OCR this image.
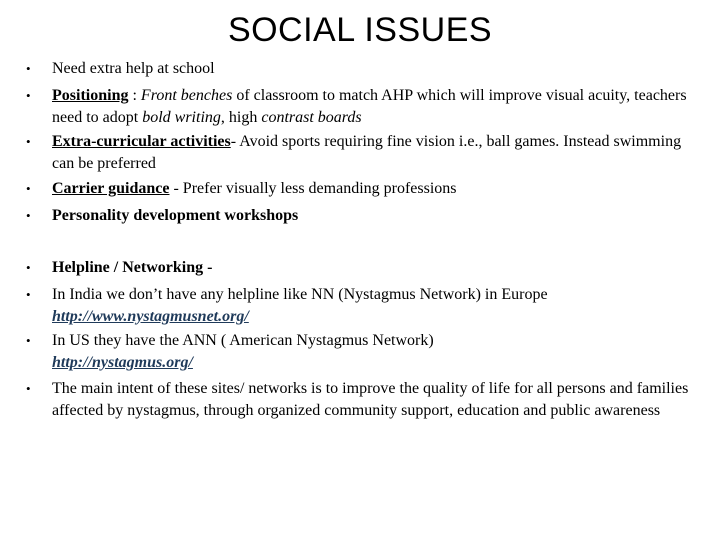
SOCIAL ISSUES
• Need extra help at school
• Positioning : Front benches of classroom to match AHP which will improve visual acuity, teachers need to adopt bold writing, high contrast boards
• Extra-curricular activities- Avoid sports requiring fine vision i.e., ball games. Instead swimming can be preferred
• Carrier guidance - Prefer visually less demanding professions
• Personality development workshops
• Helpline / Networking -
• In India we don’t have any helpline like NN (Nystagmus Network) in Europe
http://www.nystagmusnet.org/
• In US they have the ANN ( American Nystagmus Network)
http://nystagmus.org/
• The main intent of these sites/ networks is to improve the quality of life for all persons and families affected by nystagmus, through organized community support, education and public awareness
